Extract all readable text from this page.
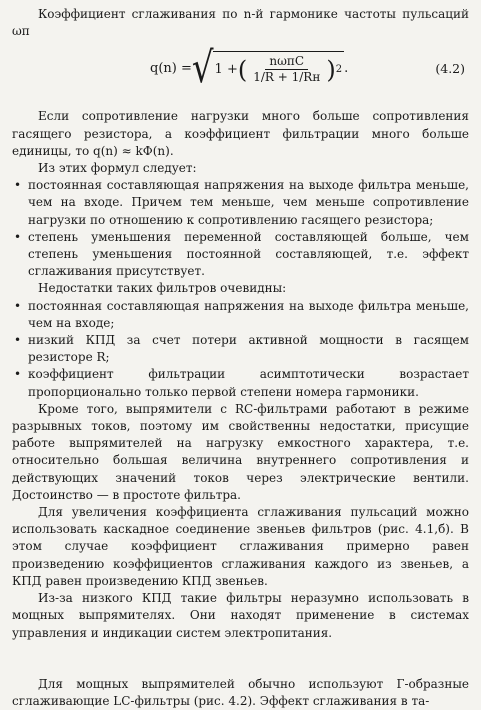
Коэффициент сглаживания по n-й гармонике частоты пульсаций ωп

q(n) = √ 1 + ( $\frac{\text{nωпC}}{1/R + 1/Rн}$ ) 2 .	(4.2)

Если сопротивление нагрузки много больше сопротивления гасящего резистора, а коэффициент фильтрации много больше единицы, то q(n) ≈ kФ(n).

Из этих формул следует:

• постоянная составляющая напряжения на выходе фильтра меньше, чем на входе. Причем тем меньше, чем меньше сопротивление нагрузки по отношению к сопротивлению гасящего резистора;
• степень уменьшения переменной составляющей больше, чем степень уменьшения постоянной составляющей, т.е. эффект сглаживания присутствует.

Недостатки таких фильтров очевидны:

• постоянная составляющая напряжения на выходе фильтра меньше, чем на входе;
• низкий КПД за счет потери активной мощности в гасящем резисторе R;
• коэффициент фильтрации асимптотически возрастает пропорционально только первой степени номера гармоники.

Кроме того, выпрямители с RC-фильтрами работают в режиме разрывных токов, поэтому им свойственны недостатки, присущие работе выпрямителей на нагрузку емкостного характера, т.е. относительно большая величина внутреннего сопротивления и действующих значений токов через электрические вентили. Достоинство — в простоте фильтра.

Для увеличения коэффициента сглаживания пульсаций можно использовать каскадное соединение звеньев фильтров (рис. 4.1,б). В этом случае коэффициент сглаживания примерно равен произведению коэффициентов сглаживания каждого из звеньев, а КПД равен произведению КПД звеньев.

Из-за низкого КПД такие фильтры неразумно использовать в мощных выпрямителях. Они находят применение в системах управления и индикации систем электропитания.

Для мощных выпрямителей обычно используют Г-образные сглаживающие LC-фильтры (рис. 4.2). Эффект сглаживания в та-
